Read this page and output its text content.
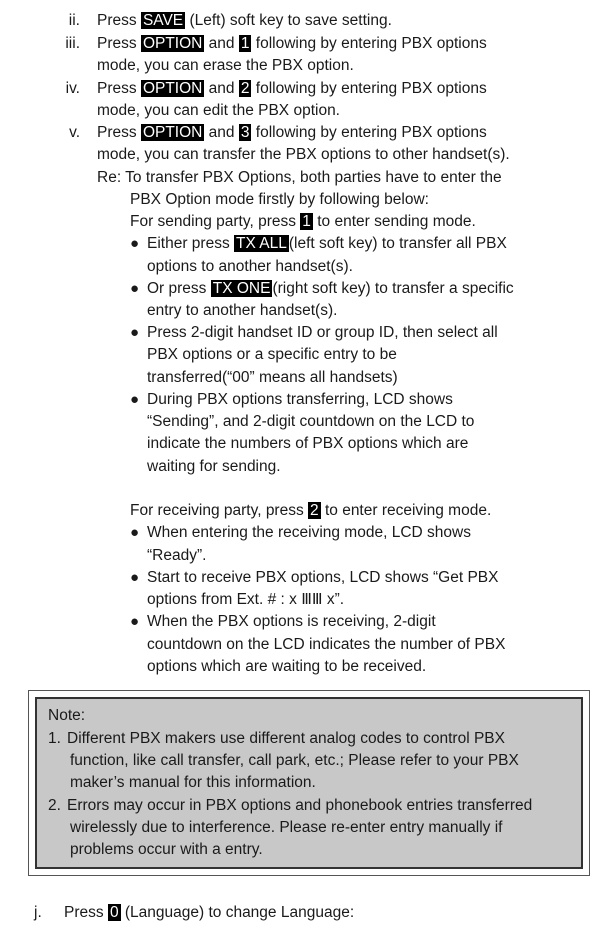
ii. Press SAVE (Left) soft key to save setting.
iii. Press OPTION and 1 following by entering PBX options
mode, you can erase the PBX option.
iv. Press OPTION and 2 following by entering PBX options
mode, you can edit the PBX option.
v. Press OPTION and 3 following by entering PBX options
mode, you can transfer the PBX options to other handset(s).
Re: To transfer PBX Options, both parties have to enter the
PBX Option mode firstly by following below:
For sending party, press 1 to enter sending mode.
● Either press TX ALL (left soft key) to transfer all PBX
options to another handset(s).
● Or press TX ONE (right soft key) to transfer a specific
entry to another handset(s).
● Press 2-digit handset ID or group ID, then select all
PBX options or a specific entry to be
transferred(“00” means all handsets)
● During PBX options transferring, LCD shows
“Sending”, and 2-digit countdown on the LCD to
indicate the numbers of PBX options which are
waiting for sending.
For receiving party, press 2 to enter receiving mode.
● When entering the receiving mode, LCD shows
“Ready”.
● Start to receive PBX options, LCD shows “Get PBX
options from Ext. # : x ⅢⅢ x”.
● When the PBX options is receiving, 2-digit
countdown on the LCD indicates the number of PBX
options which are waiting to be received.
Note:
1. Different PBX makers use different analog codes to control PBX
function, like call transfer, call park, etc.; Please refer to your PBX
maker’s manual for this information.
2. Errors may occur in PBX options and phonebook entries transferred
wirelessly due to interference. Please re-enter entry manually if
problems occur with a entry.
j. Press 0 (Language) to change Language:
